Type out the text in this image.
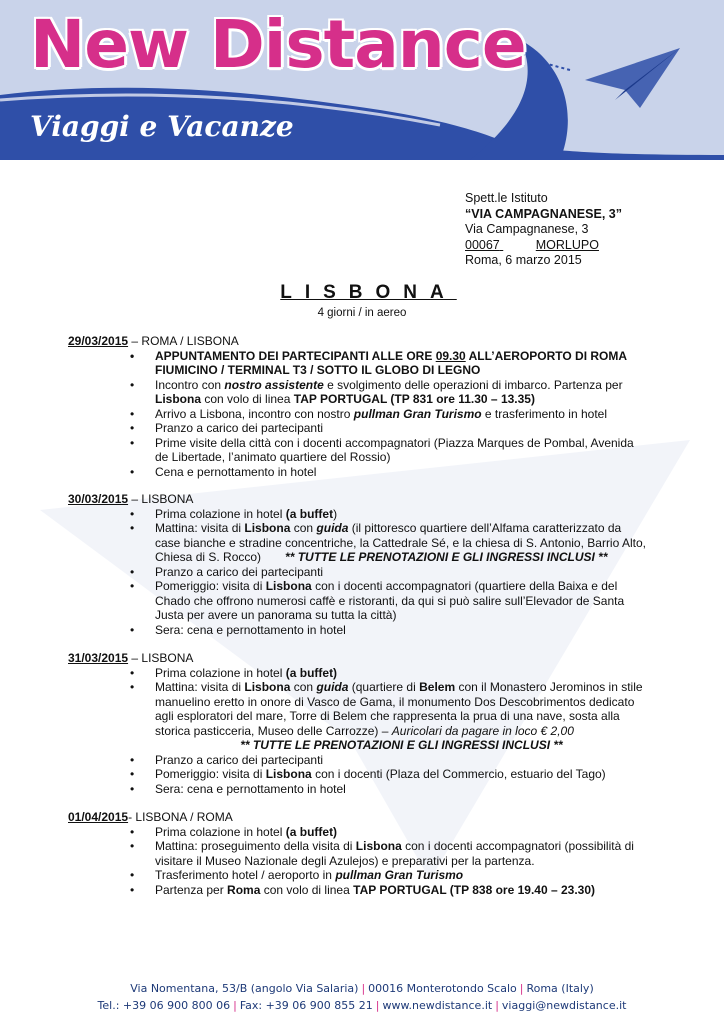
New Distance
Viaggi e Vacanze
Spett.le Istituto
“VIA CAMPAGNANESE, 3”
Via Campagnanese, 3
00067	MORLUPO
Roma, 6 marzo 2015
LISBONA
4 giorni / in aereo
29/03/2015 – ROMA / LISBONA
• APPUNTAMENTO DEI PARTECIPANTI ALLE ORE 09.30 ALL’AEROPORTO DI ROMA FIUMICINO / TERMINAL T3 / SOTTO IL GLOBO DI LEGNO
• Incontro con nostro assistente e svolgimento delle operazioni di imbarco. Partenza per Lisbona con volo di linea TAP PORTUGAL (TP 831 ore 11.30 – 13.35)
• Arrivo a Lisbona, incontro con nostro pullman Gran Turismo e trasferimento in hotel
• Pranzo a carico dei partecipanti
• Prime visite della città con i docenti accompagnatori (Piazza Marques de Pombal, Avenida de Libertade, l’animato quartiere del Rossio)
• Cena e pernottamento in hotel
30/03/2015 – LISBONA
• Prima colazione in hotel (a buffet)
• Mattina: visita di Lisbona con guida (il pittoresco quartiere dell’Alfama caratterizzato da case bianche e stradine concentriche, la Cattedrale Sé, e la chiesa di S. Antonio, Barrio Alto, Chiesa di S. Rocco) ** TUTTE LE PRENOTAZIONI E GLI INGRESSI INCLUSI **
• Pranzo a carico dei partecipanti
• Pomeriggio: visita di Lisbona con i docenti accompagnatori (quartiere della Baixa e del Chado che offrono numerosi caffè e ristoranti, da qui si può salire sull’Elevador de Santa Justa per avere un panorama su tutta la città)
• Sera: cena e pernottamento in hotel
31/03/2015 – LISBONA
• Prima colazione in hotel (a buffet)
• Mattina: visita di Lisbona con guida (quartiere di Belem con il Monastero Jerominos in stile manuelino eretto in onore di Vasco de Gama, il monumento Dos Descobrimentos dedicato agli esploratori del mare, Torre di Belem che rappresenta la prua di una nave, sosta alla storica pasticceria, Museo delle Carrozze) – Auricolari da pagare in loco € 2,00
** TUTTE LE PRENOTAZIONI E GLI INGRESSI INCLUSI **
• Pranzo a carico dei partecipanti
• Pomeriggio: visita di Lisbona con i docenti (Plaza del Commercio, estuario del Tago)
• Sera: cena e pernottamento in hotel
01/04/2015- LISBONA / ROMA
• Prima colazione in hotel (a buffet)
• Mattina: proseguimento della visita di Lisbona con i docenti accompagnatori (possibilità di visitare il Museo Nazionale degli Azulejos) e preparativi per la partenza.
• Trasferimento hotel / aeroporto in pullman Gran Turismo
• Partenza per Roma con volo di linea TAP PORTUGAL (TP 838 ore 19.40 – 23.30)
Via Nomentana, 53/B (angolo Via Salaria) | 00016 Monterotondo Scalo | Roma (Italy)
Tel.: +39 06 900 800 06 | Fax: +39 06 900 855 21 | www.newdistance.it | viaggi@newdistance.it
